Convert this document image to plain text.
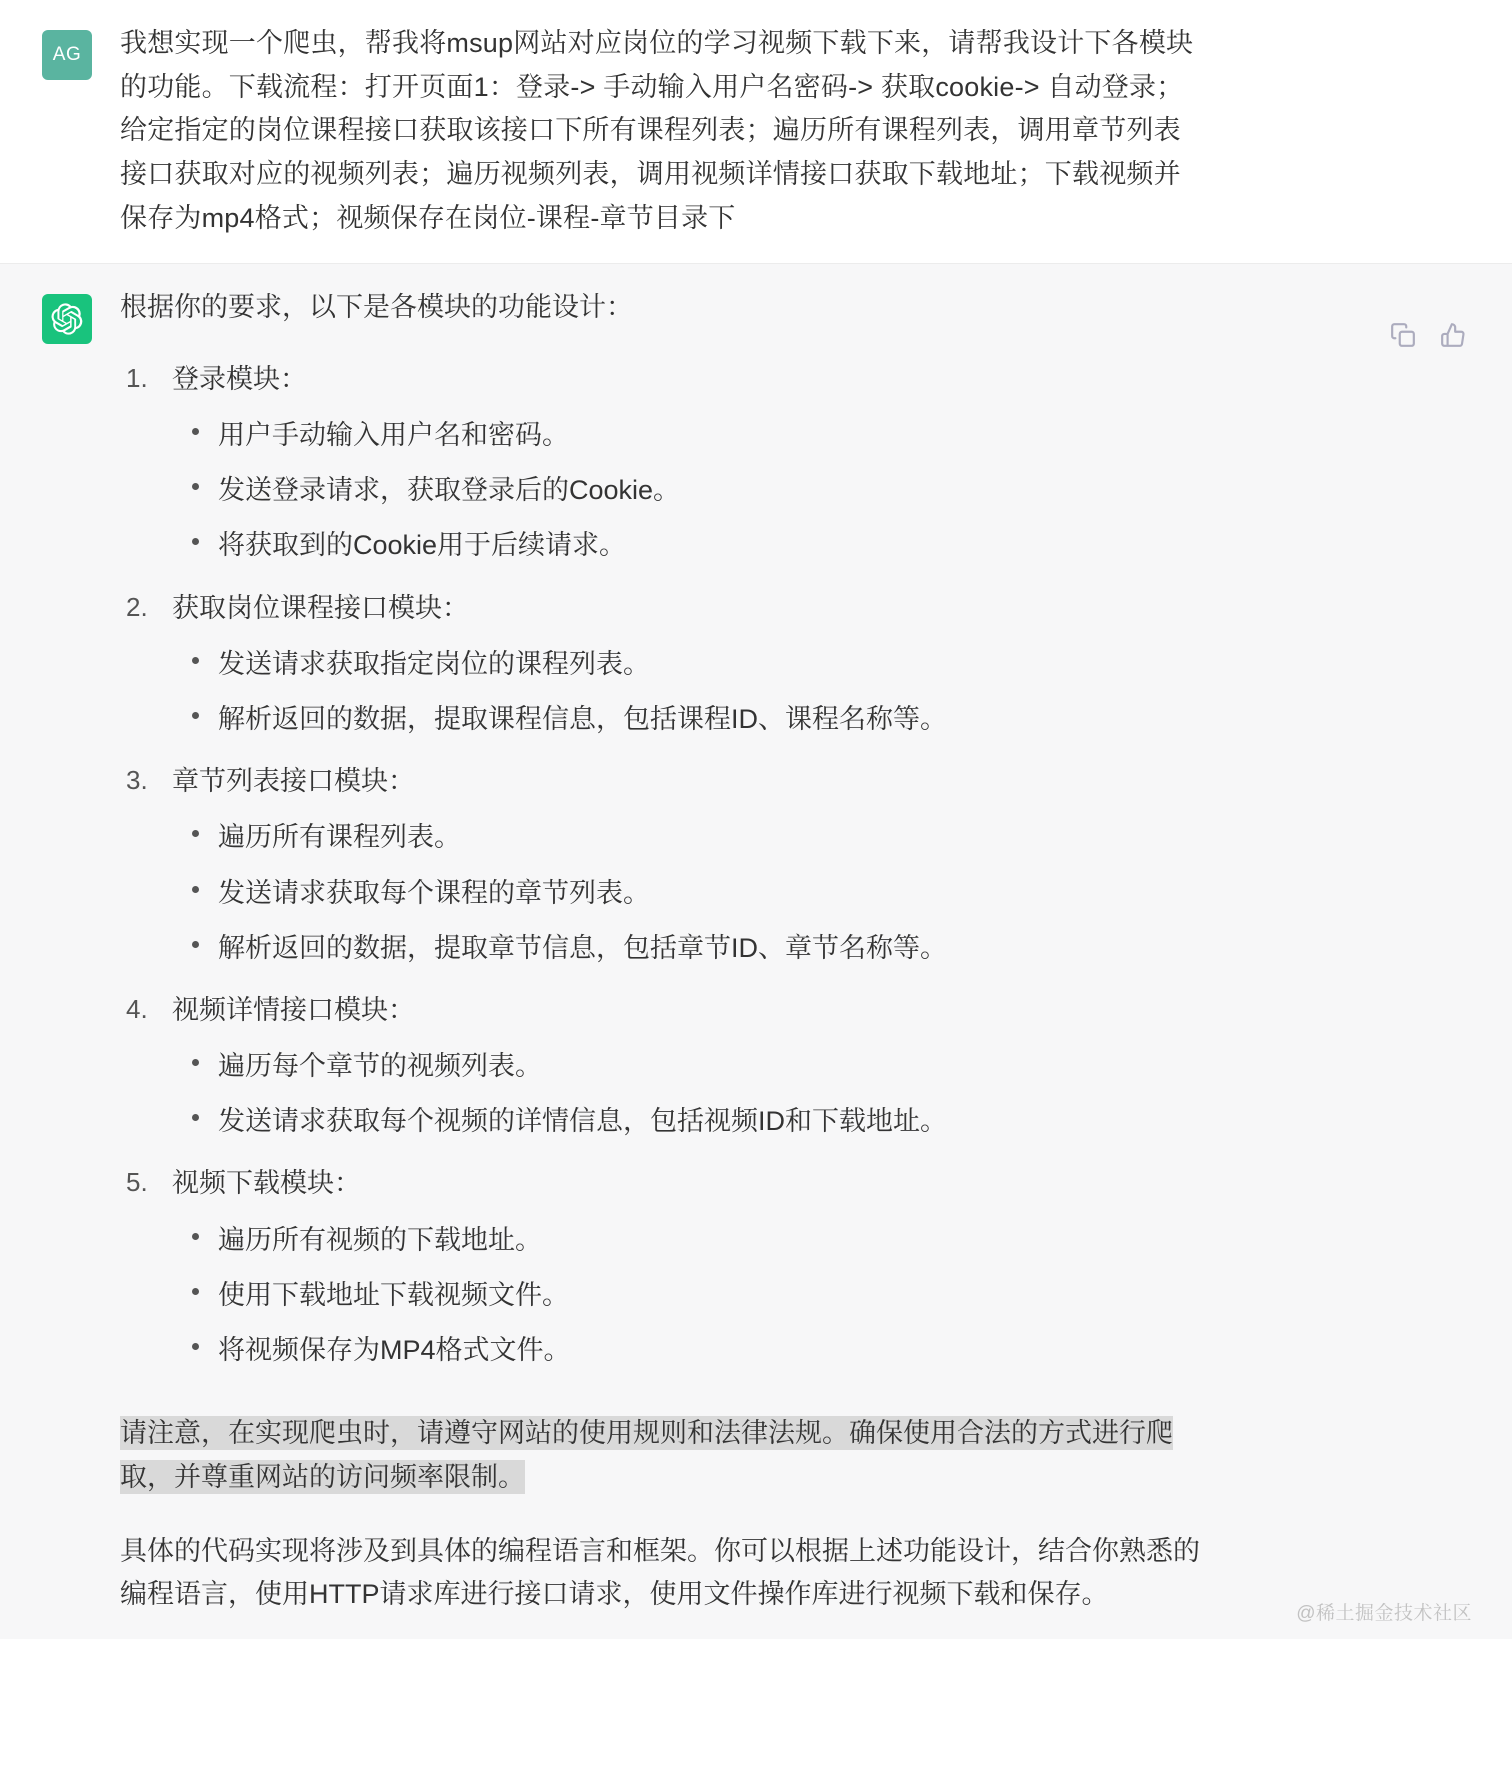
AG	我想实现一个爬虫，帮我将msup网站对应岗位的学习视频下载下来，请帮我设计下各模块的功能。下载流程：打开页面1：登录-> 手动输入用户名密码-> 获取cookie-> 自动登录；给定指定的岗位课程接口获取该接口下所有课程列表；遍历所有课程列表，调用章节列表接口获取对应的视频列表；遍历视频列表，调用视频详情接口获取下载地址；下载视频并保存为mp4格式；视频保存在岗位-课程-章节目录下

根据你的要求，以下是各模块的功能设计：

登录模块：
用户手动输入用户名和密码。
发送登录请求，获取登录后的Cookie。
将获取到的Cookie用于后续请求。
获取岗位课程接口模块：
发送请求获取指定岗位的课程列表。
解析返回的数据，提取课程信息，包括课程ID、课程名称等。
章节列表接口模块：
遍历所有课程列表。
发送请求获取每个课程的章节列表。
解析返回的数据，提取章节信息，包括章节ID、章节名称等。
视频详情接口模块：
遍历每个章节的视频列表。
发送请求获取每个视频的详情信息，包括视频ID和下载地址。
视频下载模块：
遍历所有视频的下载地址。
使用下载地址下载视频文件。
将视频保存为MP4格式文件。
请注意，在实现爬虫时，请遵守网站的使用规则和法律法规。确保使用合法的方式进行爬
取，并尊重网站的访问频率限制。

具体的代码实现将涉及到具体的编程语言和框架。你可以根据上述功能设计，结合你熟悉的编程语言，使用HTTP请求库进行接口请求，使用文件操作库进行视频下载和保存。

@稀土掘金技术社区
